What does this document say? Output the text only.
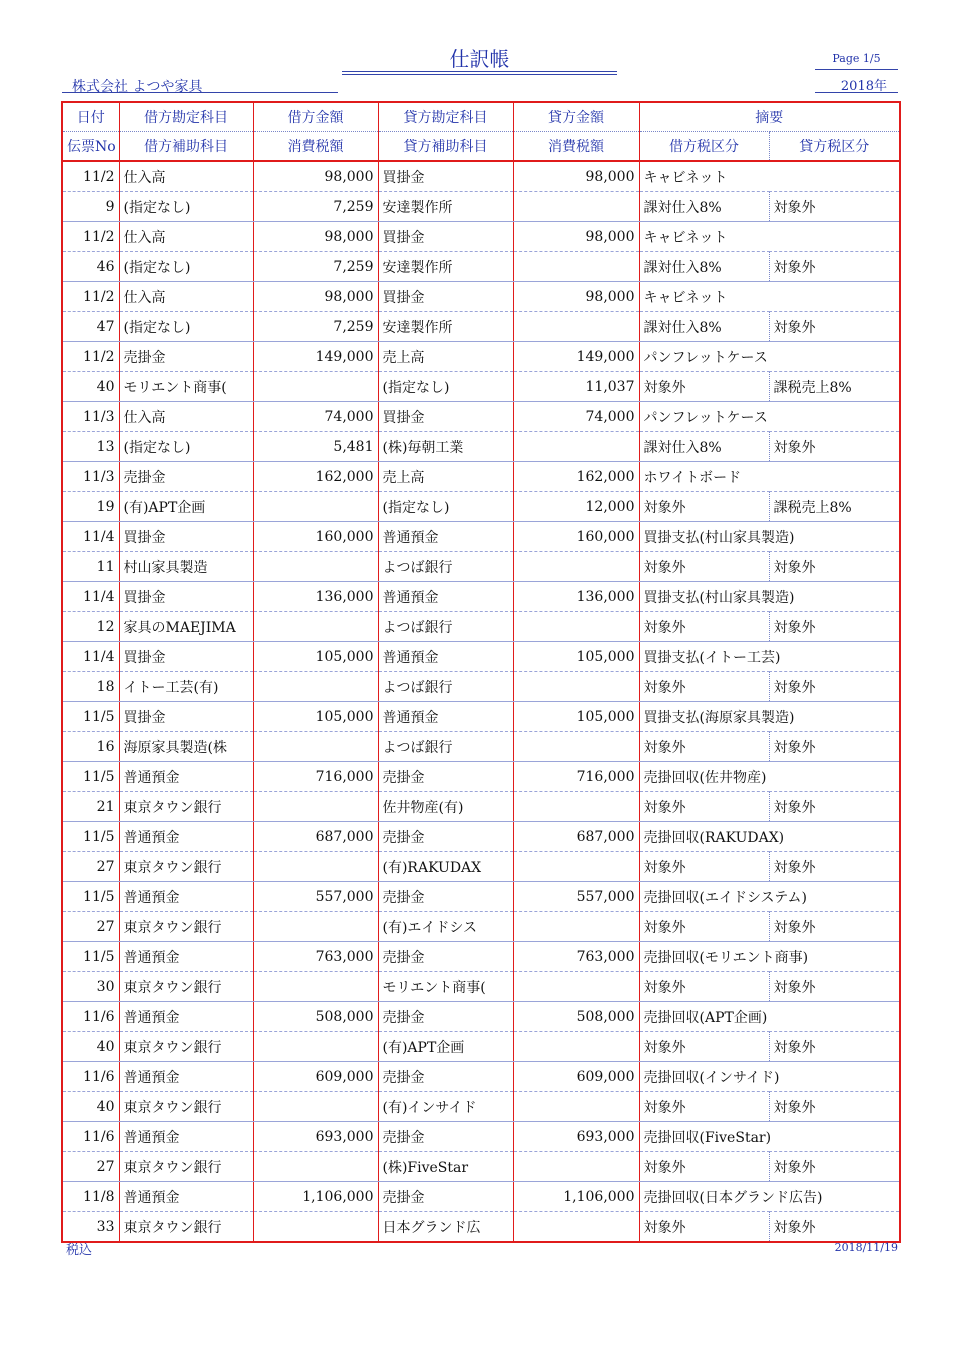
仕訳帳	Page 1/5
株式会社 よつや家具	2018年
日付	借方勘定科目	借方金額	貸方勘定科目	貸方金額	摘要	
伝票No	借方補助科目	消費税額	貸方補助科目	消費税額	借方税区分	貸方税区分
11/2	仕入高	98,000	買掛金	98,000	キャビネット	
9	(指定なし)	7,259	安達製作所		課対仕入8%	対象外
11/2	仕入高	98,000	買掛金	98,000	キャビネット	
46	(指定なし)	7,259	安達製作所		課対仕入8%	対象外
11/2	仕入高	98,000	買掛金	98,000	キャビネット	
47	(指定なし)	7,259	安達製作所		課対仕入8%	対象外
11/2	売掛金	149,000	売上高	149,000	パンフレットケース	
40	モリエント商事(		(指定なし)	11,037	対象外	課税売上8%
11/3	仕入高	74,000	買掛金	74,000	パンフレットケース	
13	(指定なし)	5,481	(株)毎朝工業		課対仕入8%	対象外
11/3	売掛金	162,000	売上高	162,000	ホワイトボード	
19	(有)APT企画		(指定なし)	12,000	対象外	課税売上8%
11/4	買掛金	160,000	普通預金	160,000	買掛支払(村山家具製造)	
11	村山家具製造		よつば銀行		対象外	対象外
11/4	買掛金	136,000	普通預金	136,000	買掛支払(村山家具製造)	
12	家具のMAEJIMA		よつば銀行		対象外	対象外
11/4	買掛金	105,000	普通預金	105,000	買掛支払(イトー工芸)	
18	イトー工芸(有)		よつば銀行		対象外	対象外
11/5	買掛金	105,000	普通預金	105,000	買掛支払(海原家具製造)	
16	海原家具製造(株		よつば銀行		対象外	対象外
11/5	普通預金	716,000	売掛金	716,000	売掛回収(佐井物産)	
21	東京タウン銀行		佐井物産(有)		対象外	対象外
11/5	普通預金	687,000	売掛金	687,000	売掛回収(RAKUDAX)	
27	東京タウン銀行		(有)RAKUDAX		対象外	対象外
11/5	普通預金	557,000	売掛金	557,000	売掛回収(エイドシステム)	
27	東京タウン銀行		(有)エイドシス		対象外	対象外
11/5	普通預金	763,000	売掛金	763,000	売掛回収(モリエント商事)	
30	東京タウン銀行		モリエント商事(		対象外	対象外
11/6	普通預金	508,000	売掛金	508,000	売掛回収(APT企画)	
40	東京タウン銀行		(有)APT企画		対象外	対象外
11/6	普通預金	609,000	売掛金	609,000	売掛回収(インサイド)	
40	東京タウン銀行		(有)インサイド		対象外	対象外
11/6	普通預金	693,000	売掛金	693,000	売掛回収(FiveStar)	
27	東京タウン銀行		(株)FiveStar		対象外	対象外
11/8	普通預金	1,106,000	売掛金	1,106,000	売掛回収(日本グランド広告)	
33	東京タウン銀行		日本グランド広		対象外	対象外
税込	2018/11/19
